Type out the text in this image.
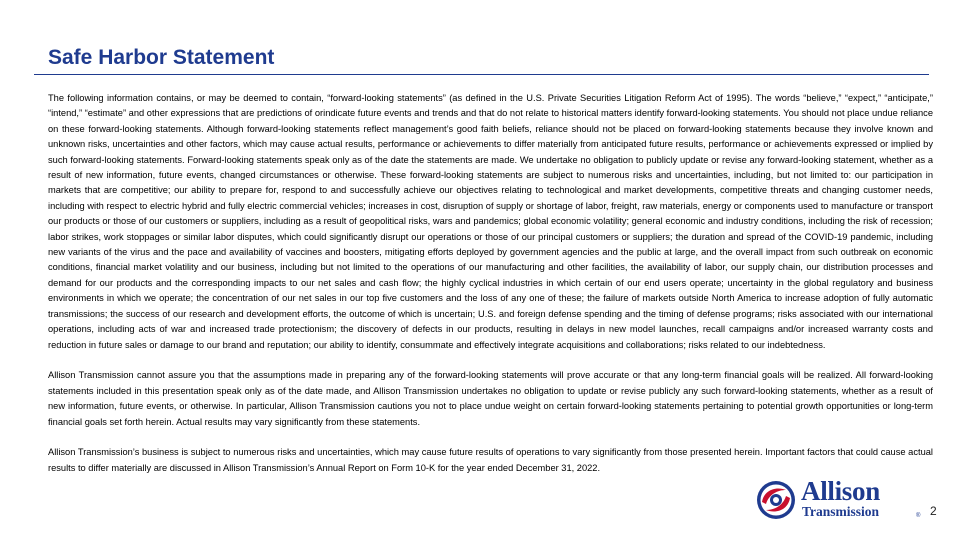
Safe Harbor Statement

The following information contains, or may be deemed to contain, “forward-looking statements” (as defined in the U.S. Private Securities Litigation Reform Act of 1995). The words “believe,” “expect,” “anticipate,” “intend,” “estimate” and other expressions that are predictions of orindicate future events and trends and that do not relate to historical matters identify forward-looking statements. You should not place undue reliance on these forward-looking statements. Although forward-looking statements reflect management’s good faith beliefs, reliance should not be placed on forward-looking statements because they involve known and unknown risks, uncertainties and other factors, which may cause actual results, performance or achievements to differ materially from anticipated future results, performance or achievements expressed or implied by such forward-looking statements. Forward-looking statements speak only as of the date the statements are made. We undertake no obligation to publicly update or revise any forward-looking statement, whether as a result of new information, future events, changed circumstances or otherwise. These forward-looking statements are subject to numerous risks and uncertainties, including, but not limited to: our participation in markets that are competitive; our ability to prepare for, respond to and successfully achieve our objectives relating to technological and market developments, competitive threats and changing customer needs, including with respect to electric hybrid and fully electric commercial vehicles; increases in cost, disruption of supply or shortage of labor, freight, raw materials, energy or components used to manufacture or transport our products or those of our customers or suppliers, including as a result of geopolitical risks, wars and pandemics; global economic volatility; general economic and industry conditions, including the risk of recession; labor strikes, work stoppages or similar labor disputes, which could significantly disrupt our operations or those of our principal customers or suppliers; the duration and spread of the COVID-19 pandemic, including new variants of the virus and the pace and availability of vaccines and boosters, mitigating efforts deployed by government agencies and the public at large, and the overall impact from such outbreak on economic conditions, financial market volatility and our business, including but not limited to the operations of our manufacturing and other facilities, the availability of labor, our supply chain, our distribution processes and demand for our products and the corresponding impacts to our net sales and cash flow; the highly cyclical industries in which certain of our end users operate; uncertainty in the global regulatory and business environments in which we operate; the concentration of our net sales in our top five customers and the loss of any one of these; the failure of markets outside North America to increase adoption of fully automatic transmissions; the success of our research and development efforts, the outcome of which is uncertain; U.S. and foreign defense spending and the timing of defense programs; risks associated with our international operations, including acts of war and increased trade protectionism; the discovery of defects in our products, resulting in delays in new model launches, recall campaigns and/or increased warranty costs and reduction in future sales or damage to our brand and reputation; our ability to identify, consummate and effectively integrate acquisitions and collaborations; risks related to our indebtedness.

Allison Transmission cannot assure you that the assumptions made in preparing any of the forward-looking statements will prove accurate or that any long-term financial goals will be realized. All forward-looking statements included in this presentation speak only as of the date made, and Allison Transmission undertakes no obligation to update or revise publicly any such forward-looking statements, whether as a result of new information, future events, or otherwise. In particular, Allison Transmission cautions you not to place undue weight on certain forward-looking statements pertaining to potential growth opportunities or long-term financial goals set forth herein. Actual results may vary significantly from these statements.

Allison Transmission’s business is subject to numerous risks and uncertainties, which may cause future results of operations to vary significantly from those presented herein. Important factors that could cause actual results to differ materially are discussed in Allison Transmission’s Annual Report on Form 10-K for the year ended December 31, 2022.

Allison
Transmission	® 2
